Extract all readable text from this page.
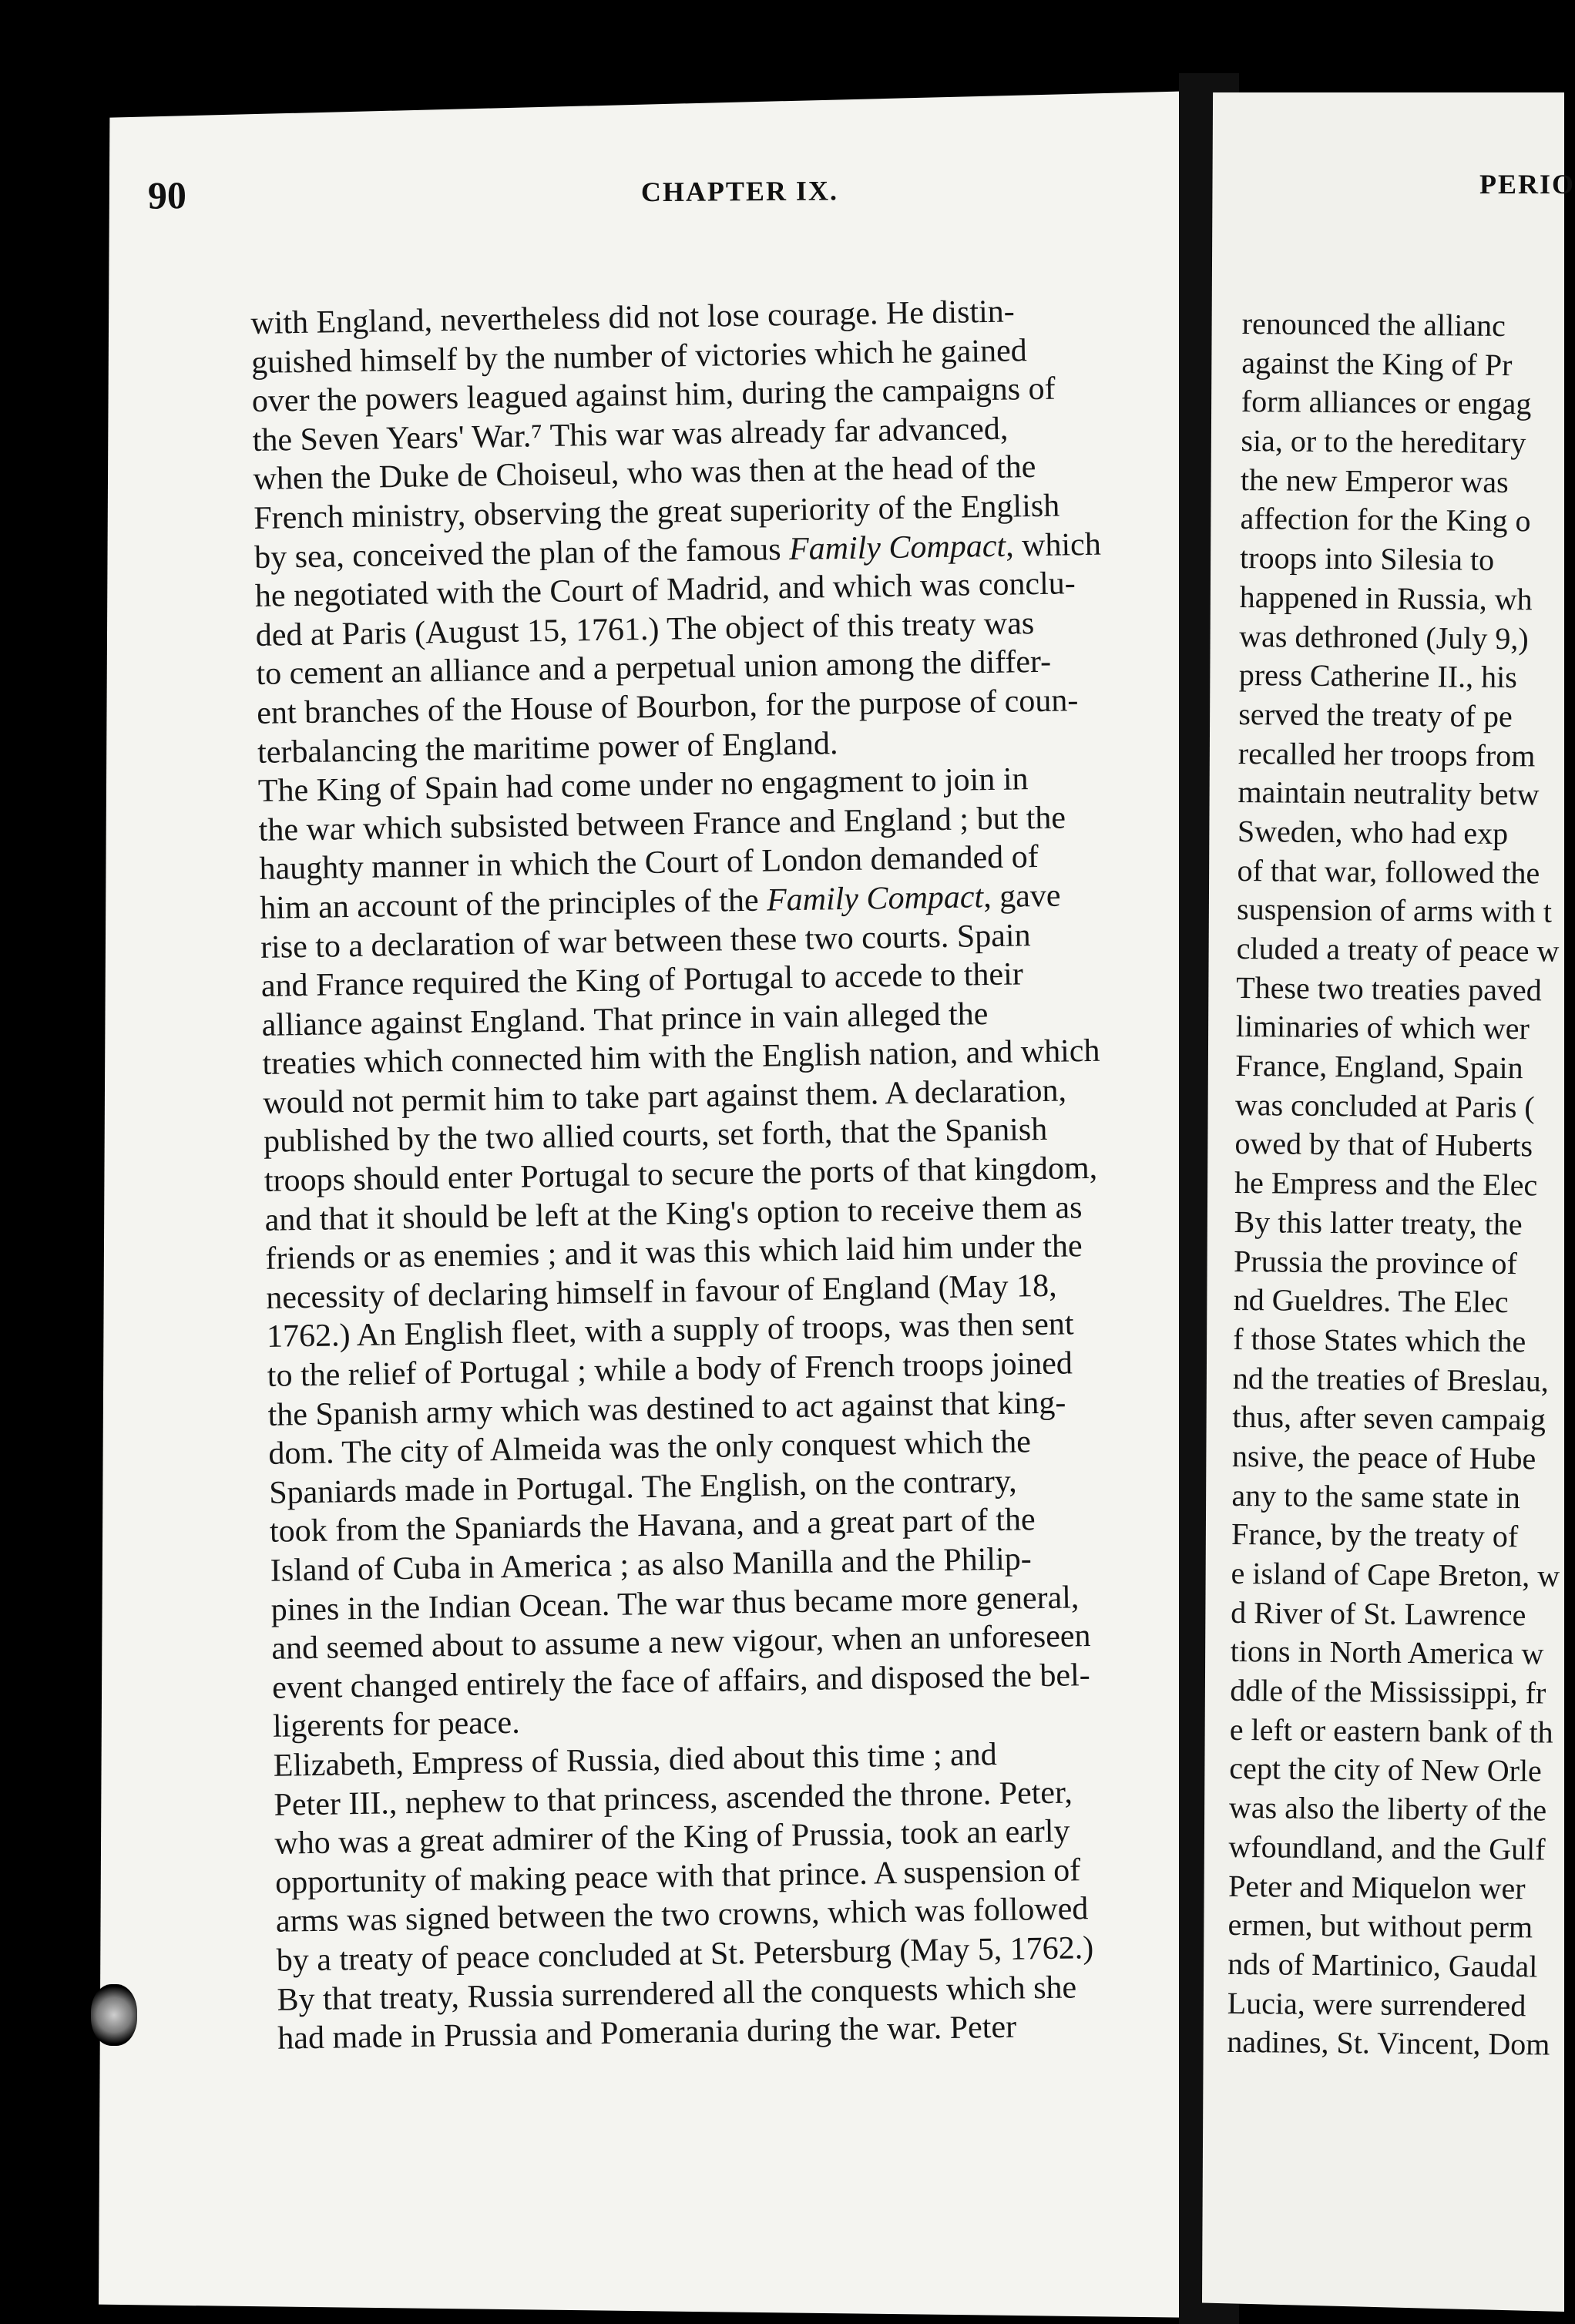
90	CHAPTER IX.	PERIO
with England, nevertheless did not lose courage. He distin-
guished himself by the number of victories which he gained
over the powers leagued against him, during the campaigns of
the Seven Years' War.⁷ This war was already far advanced,
when the Duke de Choiseul, who was then at the head of the
French ministry, observing the great superiority of the English
by sea, conceived the plan of the famous Family Compact, which
he negotiated with the Court of Madrid, and which was conclu-
ded at Paris (August 15, 1761.) The object of this treaty was
to cement an alliance and a perpetual union among the differ-
ent branches of the House of Bourbon, for the purpose of coun-
terbalancing the maritime power of England.
The King of Spain had come under no engagment to join in
the war which subsisted between France and England ; but the
haughty manner in which the Court of London demanded of
him an account of the principles of the Family Compact, gave
rise to a declaration of war between these two courts. Spain
and France required the King of Portugal to accede to their
alliance against England. That prince in vain alleged the
treaties which connected him with the English nation, and which
would not permit him to take part against them. A declaration,
published by the two allied courts, set forth, that the Spanish
troops should enter Portugal to secure the ports of that kingdom,
and that it should be left at the King's option to receive them as
friends or as enemies ; and it was this which laid him under the
necessity of declaring himself in favour of England (May 18,
1762.) An English fleet, with a supply of troops, was then sent
to the relief of Portugal ; while a body of French troops joined
the Spanish army which was destined to act against that king-
dom. The city of Almeida was the only conquest which the
Spaniards made in Portugal. The English, on the contrary,
took from the Spaniards the Havana, and a great part of the
Island of Cuba in America ; as also Manilla and the Philip-
pines in the Indian Ocean. The war thus became more general,
and seemed about to assume a new vigour, when an unforeseen
event changed entirely the face of affairs, and disposed the bel-
ligerents for peace.
Elizabeth, Empress of Russia, died about this time ; and
Peter III., nephew to that princess, ascended the throne. Peter,
who was a great admirer of the King of Prussia, took an early
opportunity of making peace with that prince. A suspension of
arms was signed between the two crowns, which was followed
by a treaty of peace concluded at St. Petersburg (May 5, 1762.)
By that treaty, Russia surrendered all the conquests which she
had made in Prussia and Pomerania during the war. Peter
renounced the allianc
against the King of Pr
form alliances or engag
sia, or to the hereditary
the new Emperor was
affection for the King o
troops into Silesia to
happened in Russia, wh
was dethroned (July 9,)
press Catherine II., his
served the treaty of pe
recalled her troops from
maintain neutrality betw
Sweden, who had exp
of that war, followed the
suspension of arms with t
cluded a treaty of peace w
These two treaties paved
liminaries of which wer
France, England, Spain
was concluded at Paris (
owed by that of Huberts
he Empress and the Elec
By this latter treaty, the
Prussia the province of
nd Gueldres. The Elec
f those States which the
nd the treaties of Breslau,
thus, after seven campaig
nsive, the peace of Hube
any to the same state in
France, by the treaty of
e island of Cape Breton, w
d River of St. Lawrence
tions in North America w
ddle of the Mississippi, fr
e left or eastern bank of th
cept the city of New Orle
was also the liberty of the
wfoundland, and the Gulf
Peter and Miquelon wer
ermen, but without perm
nds of Martinico, Gaudal
Lucia, were surrendered
nadines, St. Vincent, Dom
